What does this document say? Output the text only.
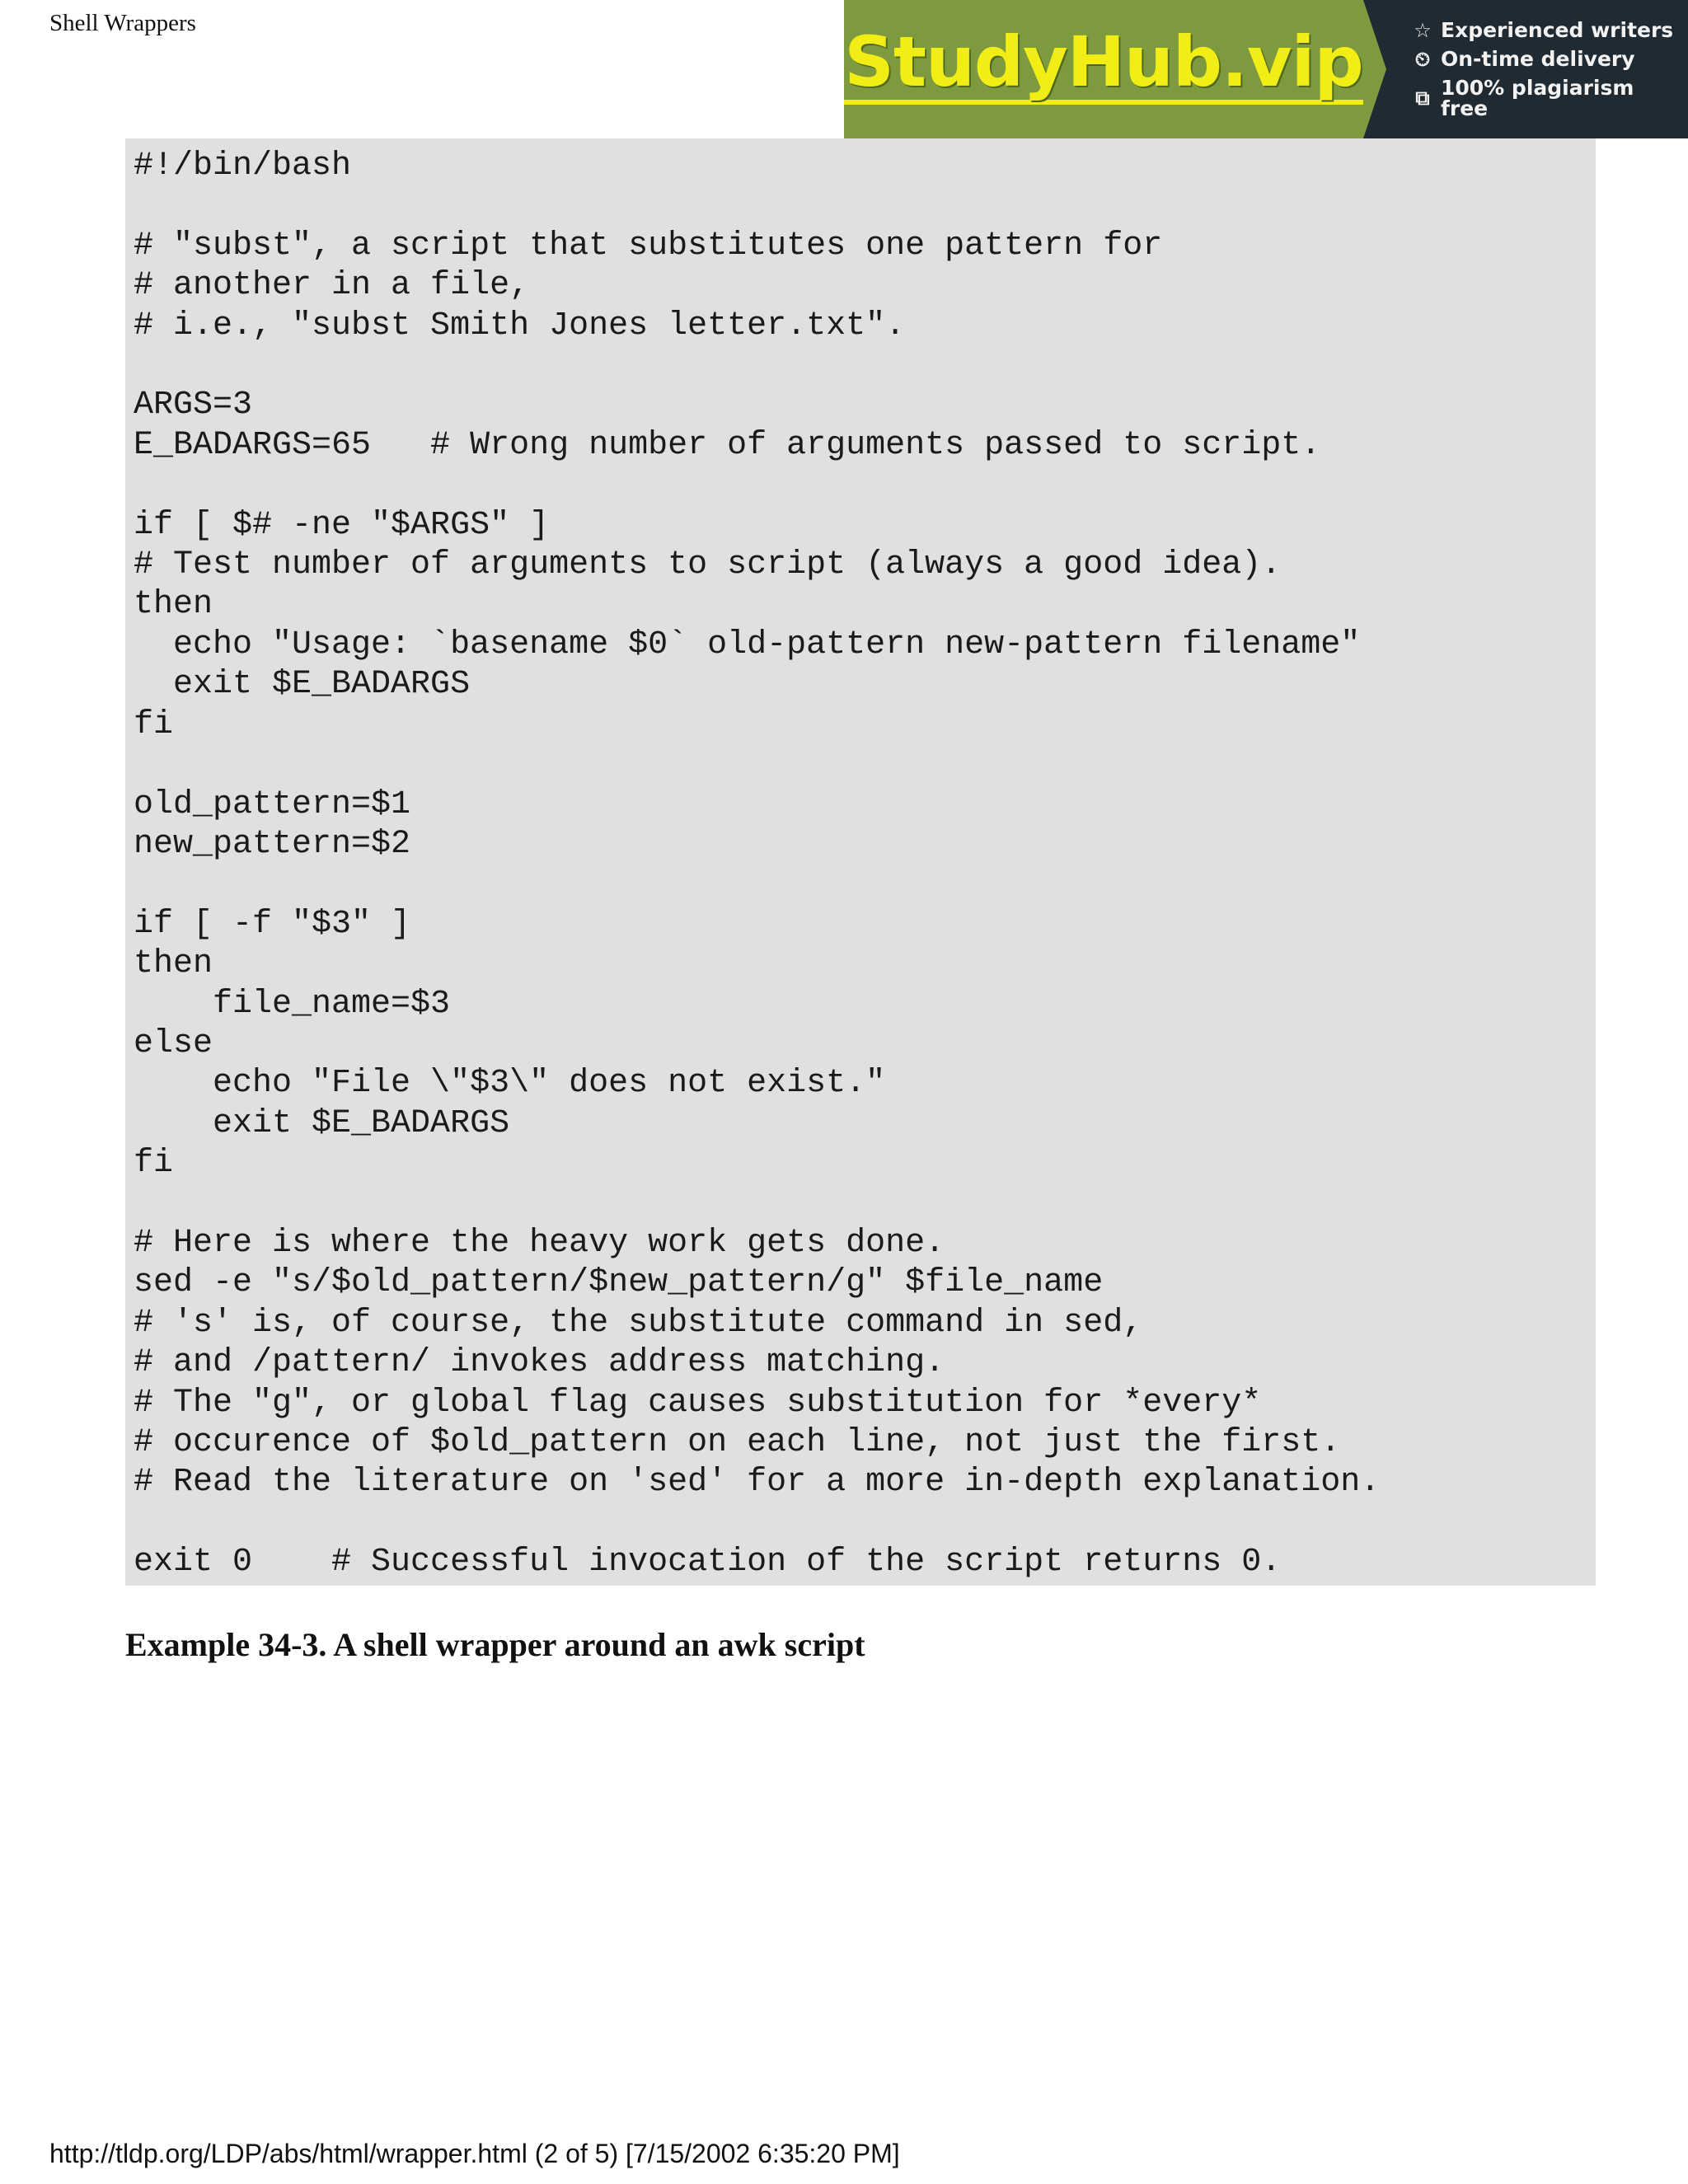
Shell Wrappers	StudyHub.vip	☆ Experienced writers
⏲ On-time delivery
⧉ 100% plagiarism free
#!/bin/bash

# "subst", a script that substitutes one pattern for
# another in a file,
# i.e., "subst Smith Jones letter.txt".

ARGS=3
E_BADARGS=65   # Wrong number of arguments passed to script.

if [ $# -ne "$ARGS" ]
# Test number of arguments to script (always a good idea).
then
echo "Usage: `basename $0` old-pattern new-pattern filename"
exit $E_BADARGS
fi

old_pattern=$1
new_pattern=$2

if [ -f "$3" ]
then
file_name=$3
else
echo "File \"$3\" does not exist."
exit $E_BADARGS
fi

# Here is where the heavy work gets done.
sed -e "s/$old_pattern/$new_pattern/g" $file_name
# 's' is, of course, the substitute command in sed,
# and /pattern/ invokes address matching.
# The "g", or global flag causes substitution for *every*
# occurence of $old_pattern on each line, not just the first.
# Read the literature on 'sed' for a more in-depth explanation.

exit 0    # Successful invocation of the script returns 0.
Example 34-3. A shell wrapper around an awk script
http://tldp.org/LDP/abs/html/wrapper.html (2 of 5) [7/15/2002 6:35:20 PM]
